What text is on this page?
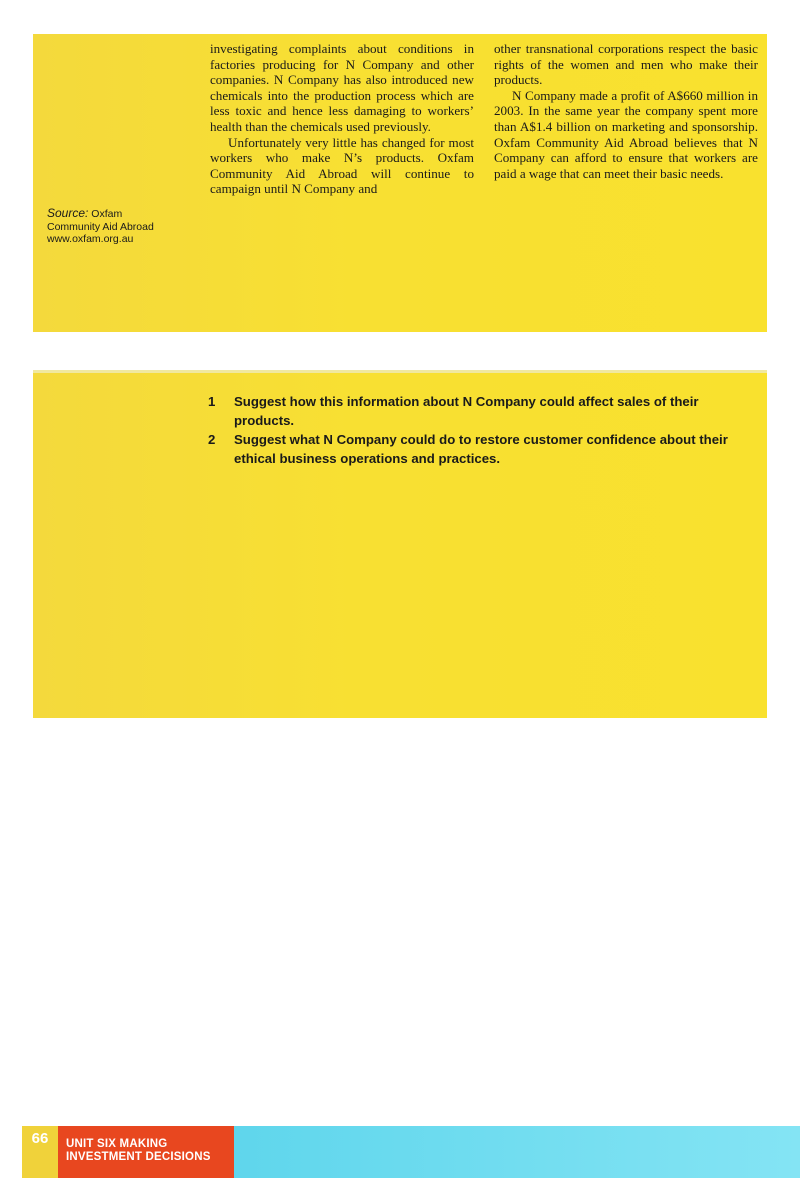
Source: Oxfam
Community Aid Abroad
www.oxfam.org.au

investigating complaints about conditions in factories producing for N Company and other companies. N Company has also introduced new chemicals into the production process which are less toxic and hence less damaging to workers’ health than the chemicals used previously.

Unfortunately very little has changed for most workers who make N’s products. Oxfam Community Aid Abroad will continue to campaign until N Company and

other transnational corporations respect the basic rights of the women and men who make their products.

N Company made a profit of A$660 million in 2003. In the same year the company spent more than A$1.4 billion on marketing and sponsorship. Oxfam Community Aid Abroad believes that N Company can afford to ensure that workers are paid a wage that can meet their basic needs.

1	Suggest how this information about N Company could affect sales of their products.
2	Suggest what N Company could do to restore customer confidence about their ethical business operations and practices.
66	UNIT SIX MAKING
INVESTMENT DECISIONS
